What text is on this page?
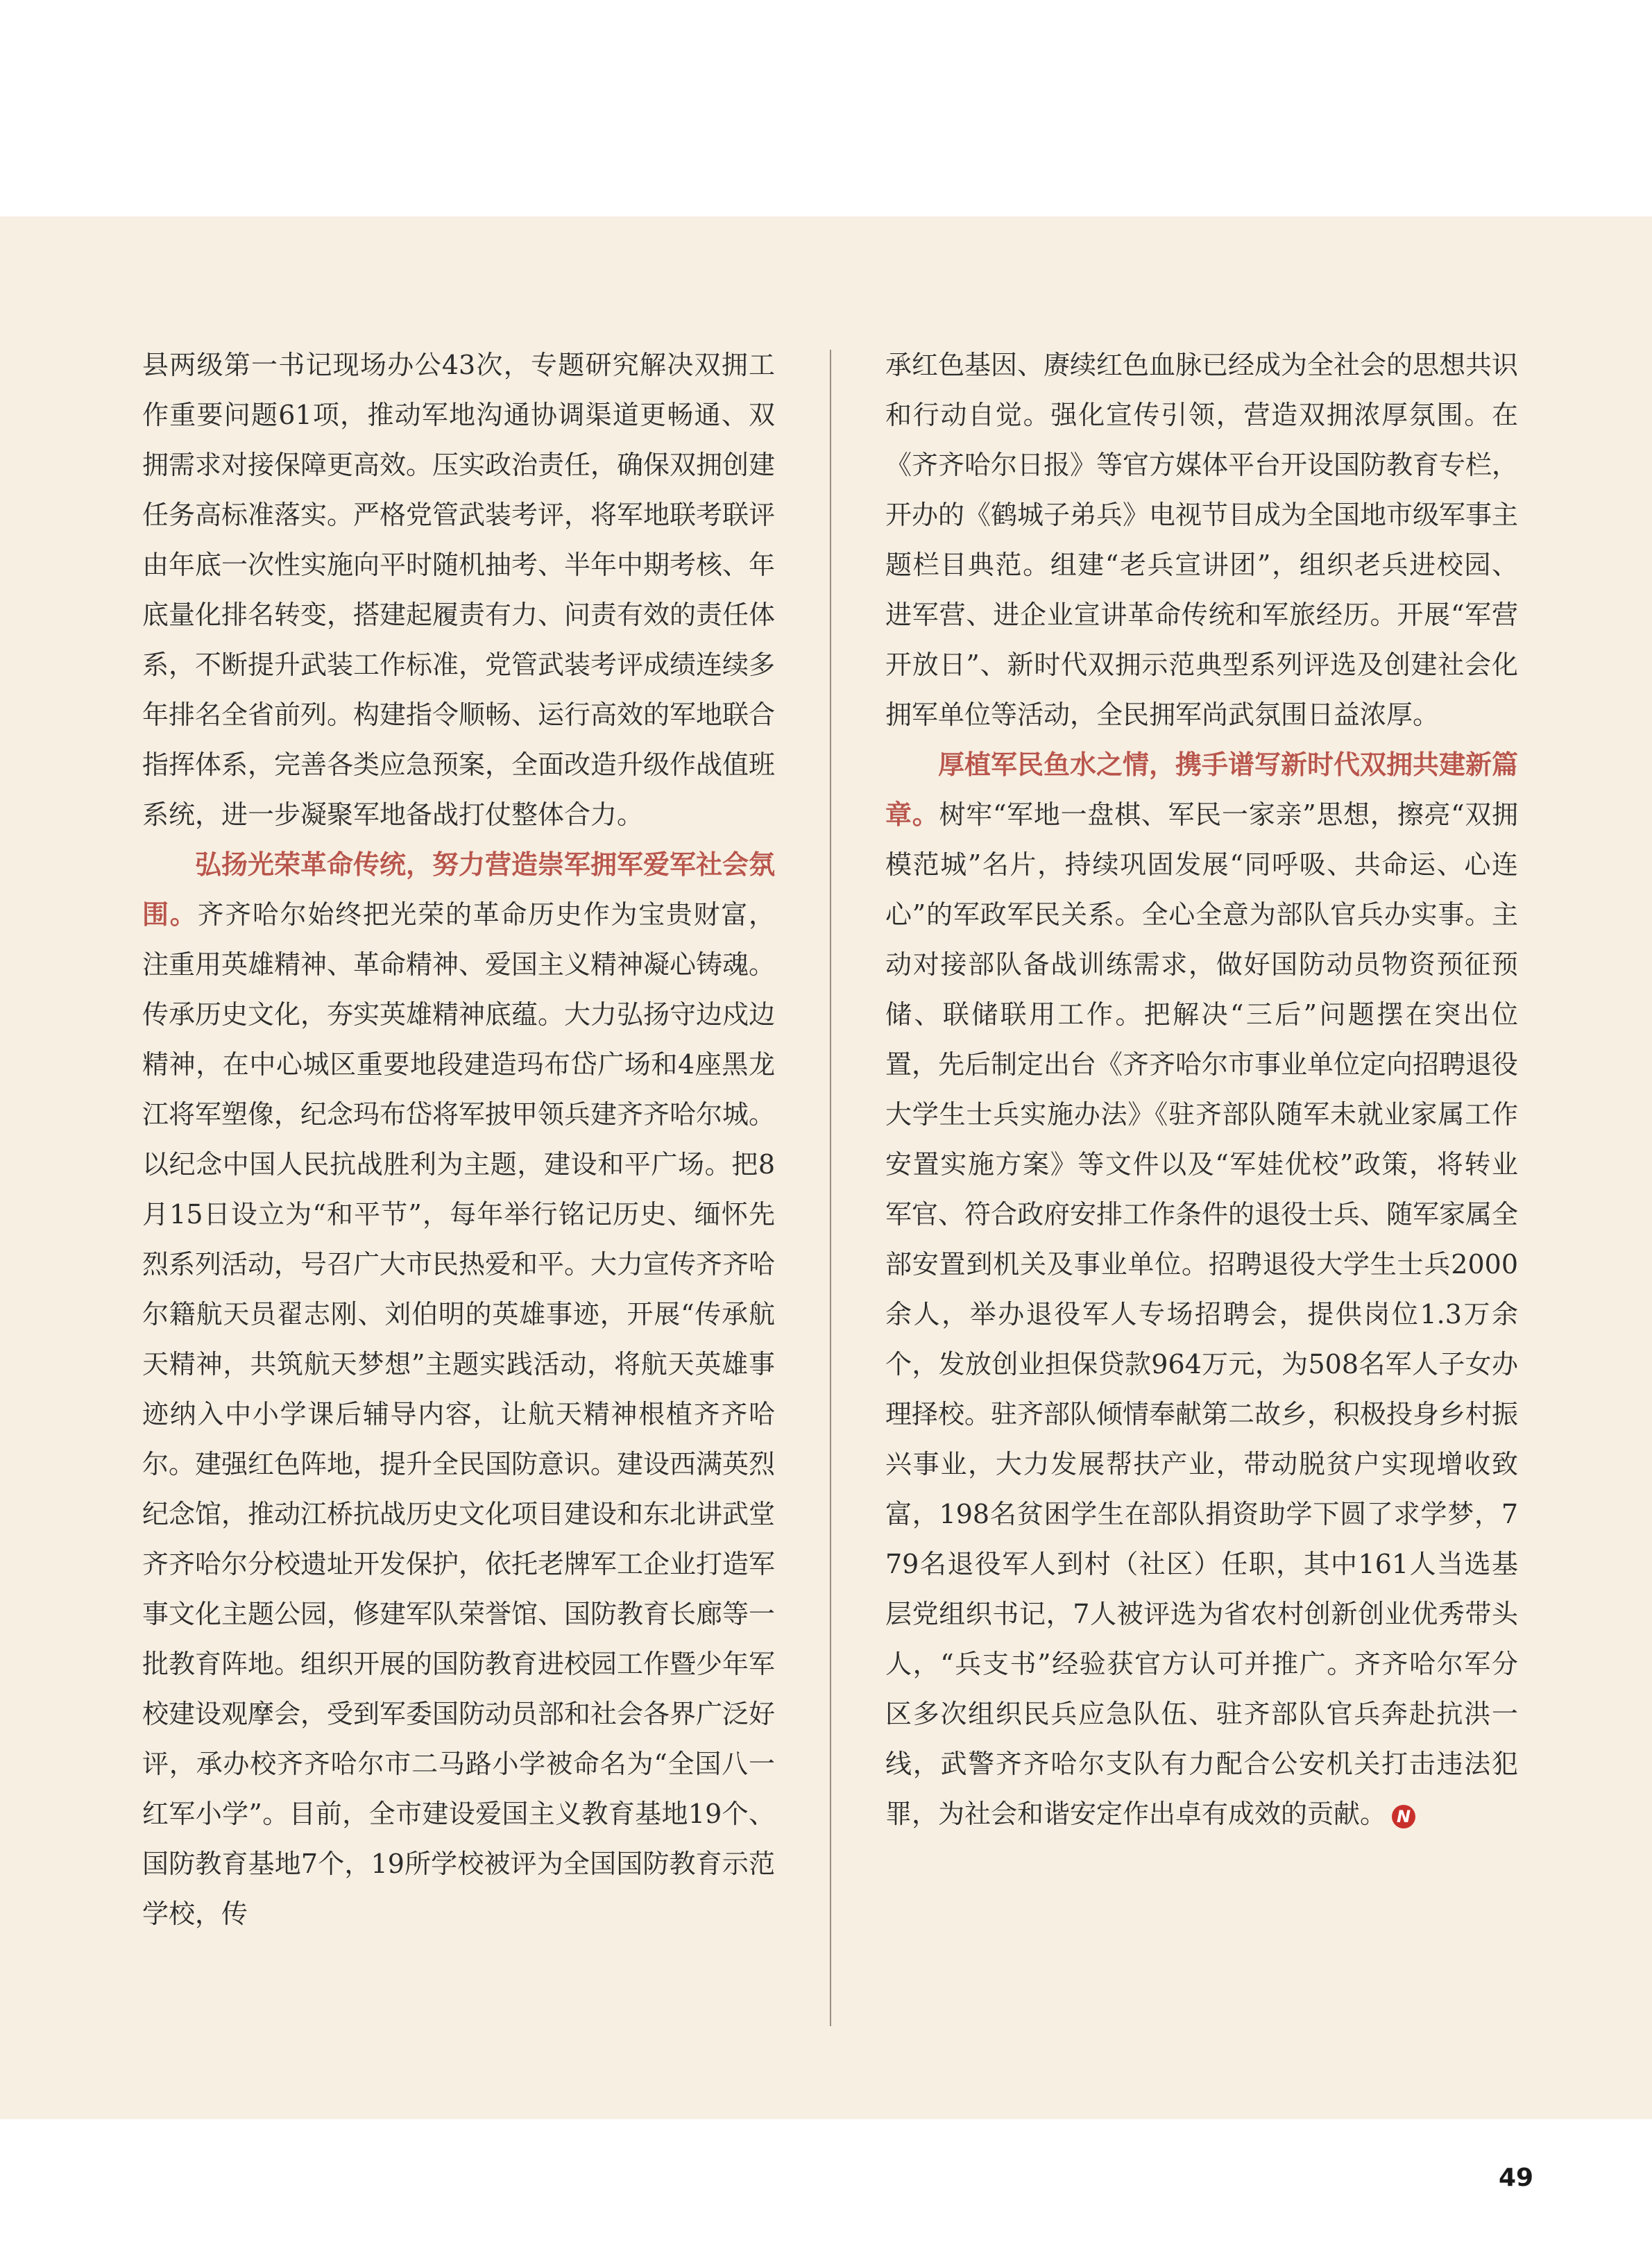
县两级第一书记现场办公43次，专题研究解决双拥工作重要问题61项，推动军地沟通协调渠道更畅通、双拥需求对接保障更高效。压实政治责任，确保双拥创建任务高标准落实。严格党管武装考评，将军地联考联评由年底一次性实施向平时随机抽考、半年中期考核、年底量化排名转变，搭建起履责有力、问责有效的责任体系，不断提升武装工作标准，党管武装考评成绩连续多年排名全省前列。构建指令顺畅、运行高效的军地联合指挥体系，完善各类应急预案，全面改造升级作战值班系统，进一步凝聚军地备战打仗整体合力。

弘扬光荣革命传统，努力营造崇军拥军爱军社会氛围。齐齐哈尔始终把光荣的革命历史作为宝贵财富，注重用英雄精神、革命精神、爱国主义精神凝心铸魂。传承历史文化，夯实英雄精神底蕴。大力弘扬守边戍边精神，在中心城区重要地段建造玛布岱广场和4座黑龙江将军塑像，纪念玛布岱将军披甲领兵建齐齐哈尔城。以纪念中国人民抗战胜利为主题，建设和平广场。把8月15日设立为“和平节”，每年举行铭记历史、缅怀先烈系列活动，号召广大市民热爱和平。大力宣传齐齐哈尔籍航天员翟志刚、刘伯明的英雄事迹，开展“传承航天精神，共筑航天梦想”主题实践活动，将航天英雄事迹纳入中小学课后辅导内容，让航天精神根植齐齐哈尔。建强红色阵地，提升全民国防意识。建设西满英烈纪念馆，推动江桥抗战历史文化项目建设和东北讲武堂齐齐哈尔分校遗址开发保护，依托老牌军工企业打造军事文化主题公园，修建军队荣誉馆、国防教育长廊等一批教育阵地。组织开展的国防教育进校园工作暨少年军校建设观摩会，受到军委国防动员部和社会各界广泛好评，承办校齐齐哈尔市二马路小学被命名为“全国八一红军小学”。目前，全市建设爱国主义教育基地19个、国防教育基地7个，19所学校被评为全国国防教育示范学校，传

承红色基因、赓续红色血脉已经成为全社会的思想共识和行动自觉。强化宣传引领，营造双拥浓厚氛围。在《齐齐哈尔日报》等官方媒体平台开设国防教育专栏，开办的《鹤城子弟兵》电视节目成为全国地市级军事主题栏目典范。组建“老兵宣讲团”，组织老兵进校园、进军营、进企业宣讲革命传统和军旅经历。开展“军营开放日”、新时代双拥示范典型系列评选及创建社会化拥军单位等活动，全民拥军尚武氛围日益浓厚。

厚植军民鱼水之情，携手谱写新时代双拥共建新篇章。树牢“军地一盘棋、军民一家亲”思想，擦亮“双拥模范城”名片，持续巩固发展“同呼吸、共命运、心连心”的军政军民关系。全心全意为部队官兵办实事。主动对接部队备战训练需求，做好国防动员物资预征预储、联储联用工作。把解决“三后”问题摆在突出位置，先后制定出台《齐齐哈尔市事业单位定向招聘退役大学生士兵实施办法》《驻齐部队随军未就业家属工作安置实施方案》等文件以及“军娃优校”政策，将转业军官、符合政府安排工作条件的退役士兵、随军家属全部安置到机关及事业单位。招聘退役大学生士兵2000余人，举办退役军人专场招聘会，提供岗位1.3万余个，发放创业担保贷款964万元，为508名军人子女办理择校。驻齐部队倾情奉献第二故乡，积极投身乡村振兴事业，大力发展帮扶产业，带动脱贫户实现增收致富，198名贫困学生在部队捐资助学下圆了求学梦，779名退役军人到村（社区）任职，其中161人当选基层党组织书记，7人被评选为省农村创新创业优秀带头人，“兵支书”经验获官方认可并推广。齐齐哈尔军分区多次组织民兵应急队伍、驻齐部队官兵奔赴抗洪一线，武警齐齐哈尔支队有力配合公安机关打击违法犯罪，为社会和谐安定作出卓有成效的贡献。 N

49
